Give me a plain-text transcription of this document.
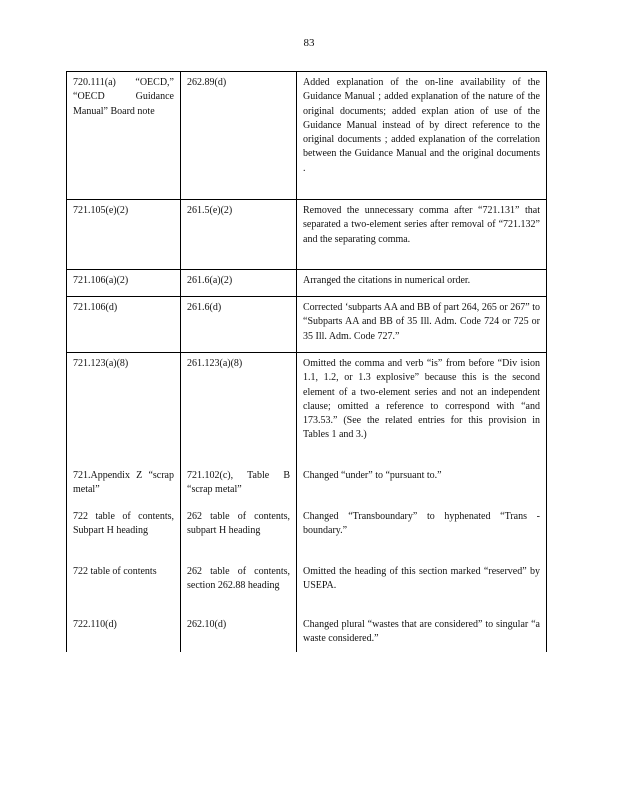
83
720.111(a) “OECD,” “OECD Guidance Manual” Board note	262.89(d)	Added explanation of the on-line availability of the Guidance Manual ; added explanation of the nature of the original documents; added explan ation of use of the Guidance Manual instead of by direct reference to the original documents ; added explanation of the correlation between the Guidance Manual and the original documents .
721.105(e)(2)	261.5(e)(2)	Removed the unnecessary comma after “721.131” that separated a two-element series after removal of “721.132” and the separating comma.
721.106(a)(2)	261.6(a)(2)	Arranged the citations in numerical order.
721.106(d)	261.6(d)	Corrected ‘subparts AA and BB of part 264, 265 or 267” to “Subparts AA and BB of 35 Ill. Adm. Code 724 or 725 or 35 Ill. Adm. Code 727.”
721.123(a)(8)	261.123(a)(8)	Omitted the comma and verb “is” from before “Div ision 1.1, 1.2, or 1.3 explosive” because this is the second element of a two-element series and not an independent clause; omitted a reference to correspond with “and 173.53.” (See the related entries for this provision in Tables 1 and 3.)
721.Appendix Z “scrap metal”	721.102(c), Table B “scrap metal”	Changed “under” to “pursuant to.”
722 table of contents, Subpart H heading	262 table of contents, subpart H heading	Changed “Transboundary” to hyphenated “Trans -boundary.”
722 table of contents	262 table of contents, section 262.88 heading	Omitted the heading of this section marked “reserved” by USEPA.
722.110(d)	262.10(d)	Changed plural “wastes that are considered” to singular “a waste considered.”
